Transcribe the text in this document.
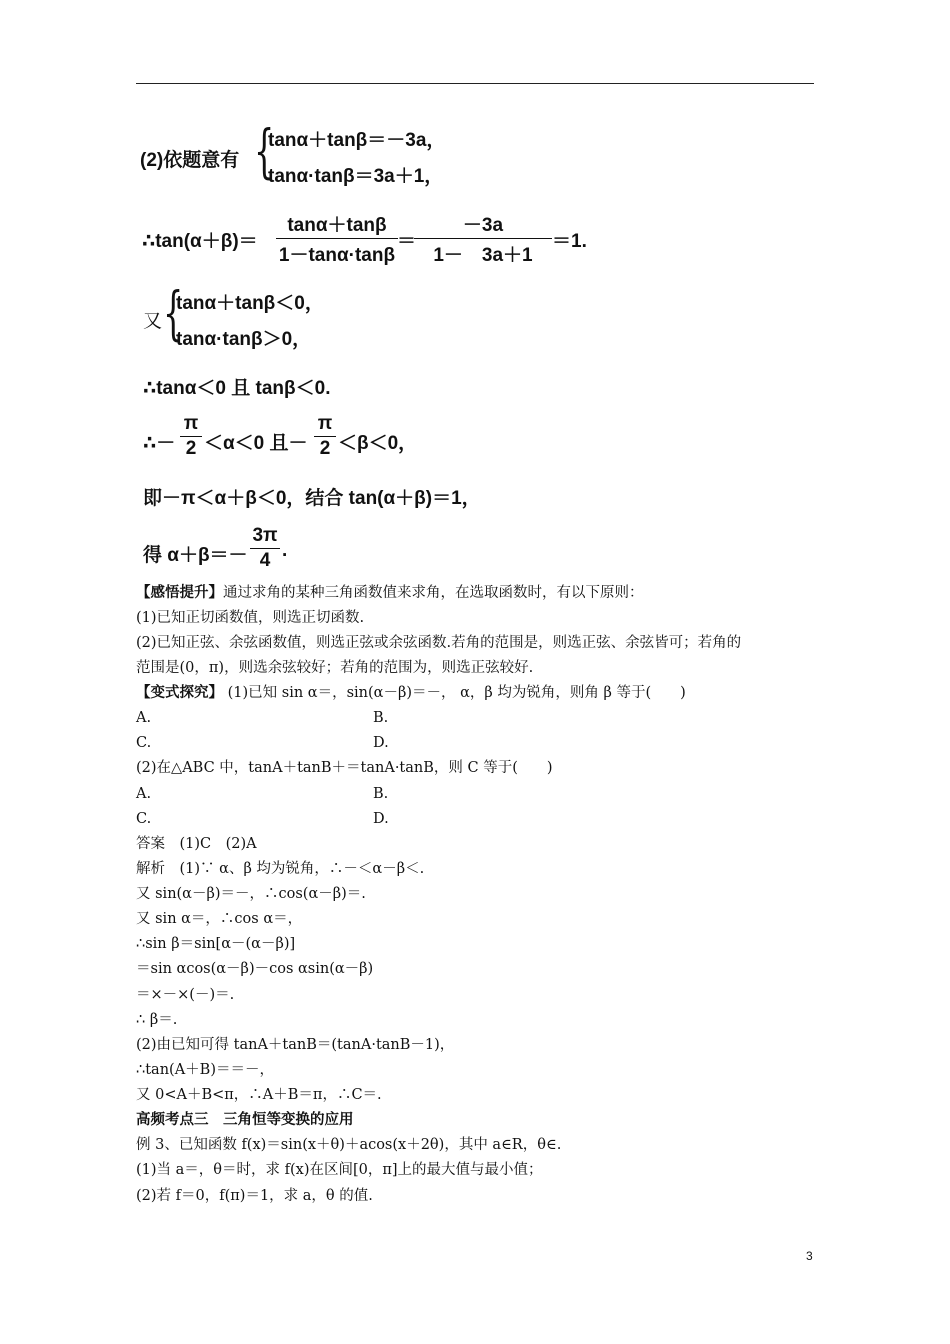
(2)依题意有 {
tanα＋tanβ＝－3a，
tanα·tanβ＝3a＋1，
∴tan(α＋β)＝
tanα＋tanβ
1－tanα·tanβ
＝
－3a
1－　3a＋1
＝1.
又 {
tanα＋tanβ＜0，
tanα·tanβ＞0，
∴tanα＜0 且 tanβ＜0.
∴－
π
2 ＜α＜0 且－
π
2 ＜β＜0，
即－π＜α＋β＜0，结合 tan(α＋β)＝1，
得 α＋β＝－
3π
4 .
【感悟提升】通过求角的某种三角函数值来求角，在选取函数时，有以下原则：
(1)已知正切函数值，则选正切函数.
(2)已知正弦、余弦函数值，则选正弦或余弦函数.若角的范围是，则选正弦、余弦皆可；若角的
范围是(0，π)，则选余弦较好；若角的范围为，则选正弦较好.
【变式探究】 (1)已知 sin α＝，sin(α－β)＝－， α，β 均为锐角，则角 β 等于(　　)
A.	B.
C.	D.
(2)在△ABC 中，tanA＋tanB＋＝tanA·tanB，则 C 等于(　　)
A.	B.
C.	D.
答案　(1)C　(2)A
解析　(1)∵ α、β 均为锐角，∴－＜α－β＜.
又 sin(α－β)＝－，∴cos(α－β)＝.
又 sin α＝，∴cos α＝，
∴sin β＝sin[α－(α－β)]
＝sin αcos(α－β)－cos αsin(α－β)
＝×－×(－)＝.
∴ β＝.
(2)由已知可得 tanA＋tanB＝(tanA·tanB－1)，
∴tan(A＋B)＝＝－，
又 0<A＋B<π，∴A＋B＝π，∴C＝.
高频考点三　三角恒等变换的应用
例 3、已知函数 f(x)＝sin(x＋θ)＋acos(x＋2θ)，其中 a∈R，θ∈.
(1)当 a＝，θ＝时，求 f(x)在区间[0，π]上的最大值与最小值；
(2)若 f＝0，f(π)＝1，求 a，θ 的值.
3
